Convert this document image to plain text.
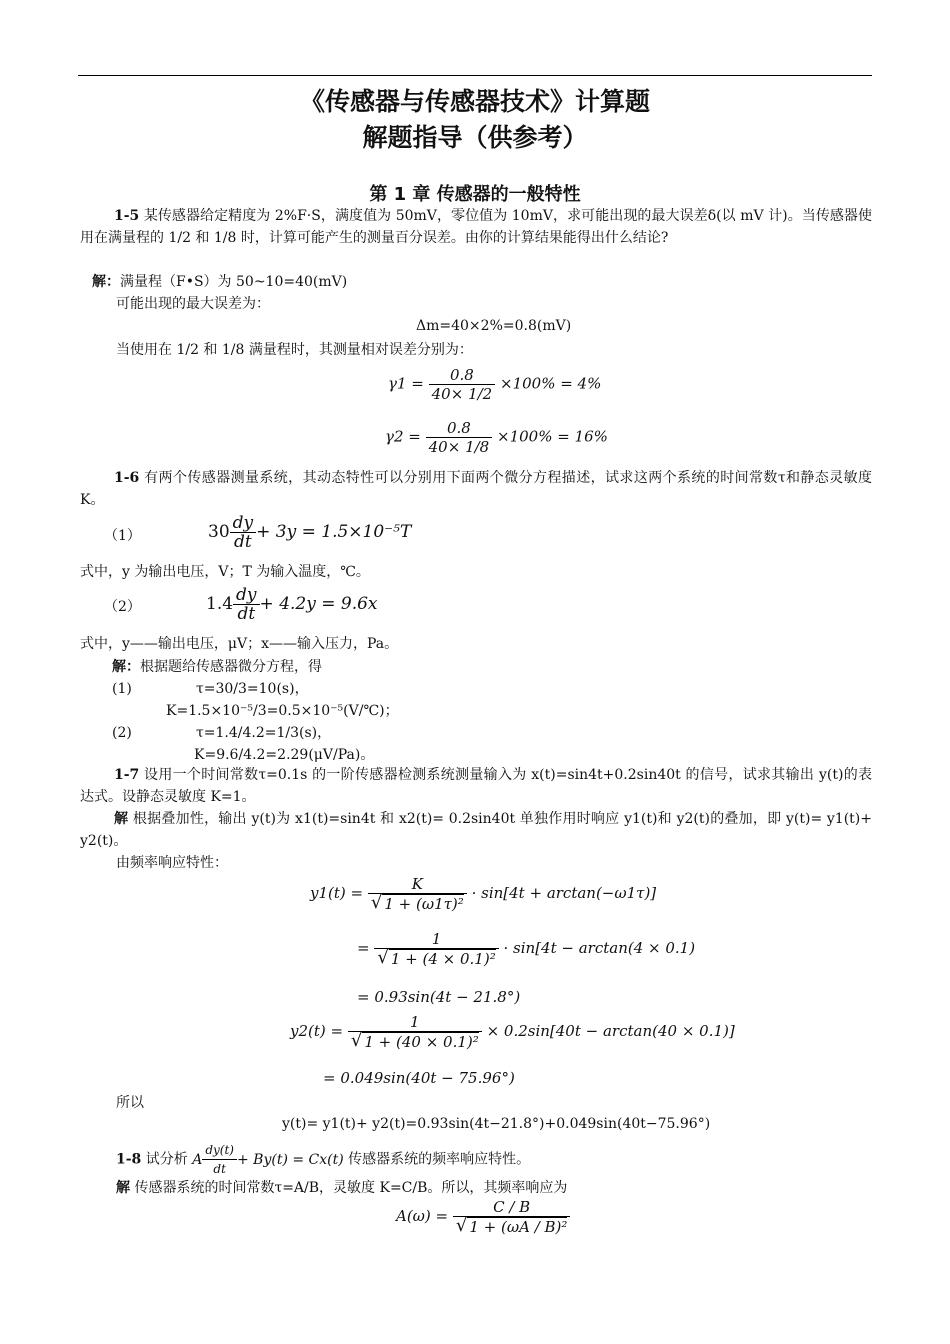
《传感器与传感器技术》计算题
解题指导（供参考）
第 1 章 传感器的一般特性
1-5 某传感器给定精度为 2%F·S，满度值为 50mV，零位值为 10mV，求可能出现的最大误差δ(以 mV 计)。当传感器使用在满量程的 1/2 和 1/8 时，计算可能产生的测量百分误差。由你的计算结果能得出什么结论?
解：满量程（F•S）为 50~10=40(mV)
可能出现的最大误差为：
Δm=40×2%=0.8(mV)
当使用在 1/2 和 1/8 满量程时，其测量相对误差分别为：
$\gamma 1 = \frac{0.8}{40\times 1/2} \times 100\% = 4\%$
$\gamma 2 = \frac{0.8}{40\times 1/8} \times 100\% = 16\%$
1-6 有两个传感器测量系统，其动态特性可以分别用下面两个微分方程描述，试求这两个系统的时间常数τ和静态灵敏度 K。
（1）	$30 \frac{dy}{dt} + 3y = 1.5\times 10^{-5}T$
式中，y 为输出电压，V；T 为输入温度，℃。
（2）	$1.4 \frac{dy}{dt} + 4.2y = 9.6x$
式中，y——输出电压，μV；x——输入压力，Pa。
解：根据题给传感器微分方程，得
(1)	τ=30/3=10(s)，
K=1.5×10⁻⁵/3=0.5×10⁻⁵(V/℃)；
(2)	τ=1.4/4.2=1/3(s)，
K=9.6/4.2=2.29(μV/Pa)。
1-7 设用一个时间常数τ=0.1s 的一阶传感器检测系统测量输入为 x(t)=sin4t+0.2sin40t 的信号，试求其输出 y(t)的表达式。设静态灵敏度 K=1。
解 根据叠加性，输出 y(t)为 x1(t)=sin4t 和 x2(t)= 0.2sin40t 单独作用时响应 y1(t)和 y2(t)的叠加，即 y(t)= y1(t)+ y2(t)。
由频率响应特性：
$y1(t) = \frac{K}{\text{√ 1 + (ω1τ)²}} \cdot \sin[4t + \arctan(-\omega 1\tau)]$
= $\frac{1}{\text{√ 1 + (4 × 0.1)²}} \cdot \sin[4t - \arctan(4 \times 0.1)$
= 0.93sin(4t − 21.8°)
$y2(t) = \frac{1}{\text{√ 1 + (40 × 0.1)²}} \times 0.2\sin[40t - \arctan(40 \times 0.1)]$
= 0.049sin(40t − 75.96°)
所以
y(t)= y1(t)+ y2(t)=0.93sin(4t−21.8°)+0.049sin(40t−75.96°)
1-8 试分析 A $\frac{dy(t)}{dt} + By(t) = Cx(t)$ 传感器系统的频率响应特性。
解 传感器系统的时间常数τ=A/B，灵敏度 K=C/B。所以，其频率响应为
$A(\omega) = \frac{C / B}{\text{√ 1 + (ωA / B)²}}$
